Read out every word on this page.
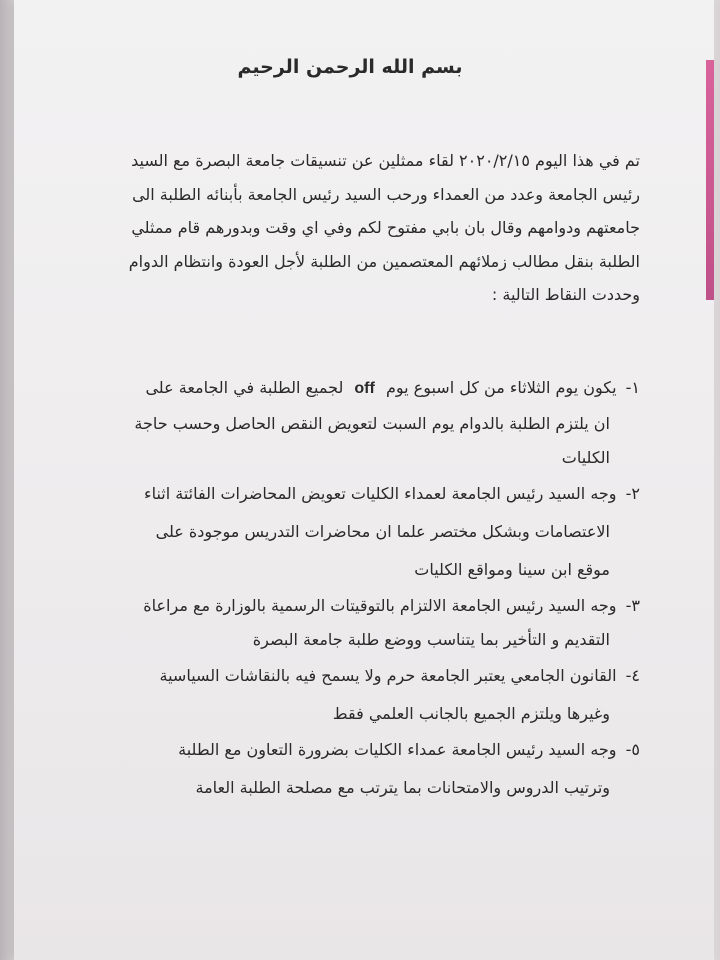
بسم الله الرحمن الرحيم
تم في هذا اليوم ٢٠٢٠/٢/١٥ لقاء ممثلين عن تنسيقات جامعة البصرة مع السيد
رئيس الجامعة وعدد من العمداء ورحب السيد رئيس الجامعة بأبنائه الطلبة الى
جامعتهم ودوامهم وقال بان بابي مفتوح لكم وفي اي وقت وبدورهم قام ممثلي
الطلبة بنقل مطالب زملائهم المعتصمين من الطلبة لأجل العودة وانتظام الدوام
وحددت النقاط التالية :
١- يكون يوم الثلاثاء من كل اسبوع يوم off لجميع الطلبة في الجامعة على
ان يلتزم الطلبة بالدوام يوم السبت لتعويض النقص الحاصل وحسب حاجة
الكليات
٢- وجه السيد رئيس الجامعة لعمداء الكليات تعويض المحاضرات الفائتة اثناء
الاعتصامات وبشكل مختصر علما ان محاضرات التدريس موجودة على
موقع ابن سينا ومواقع الكليات
٣- وجه السيد رئيس الجامعة الالتزام بالتوقيتات الرسمية بالوزارة مع مراعاة
التقديم و التأخير بما يتناسب ووضع طلبة جامعة البصرة
٤- القانون الجامعي يعتبر الجامعة حرم ولا يسمح فيه بالنقاشات السياسية
وغيرها ويلتزم الجميع بالجانب العلمي فقط
٥- وجه السيد رئيس الجامعة عمداء الكليات بضرورة التعاون مع الطلبة
وترتيب الدروس والامتحانات بما يترتب مع مصلحة الطلبة العامة
